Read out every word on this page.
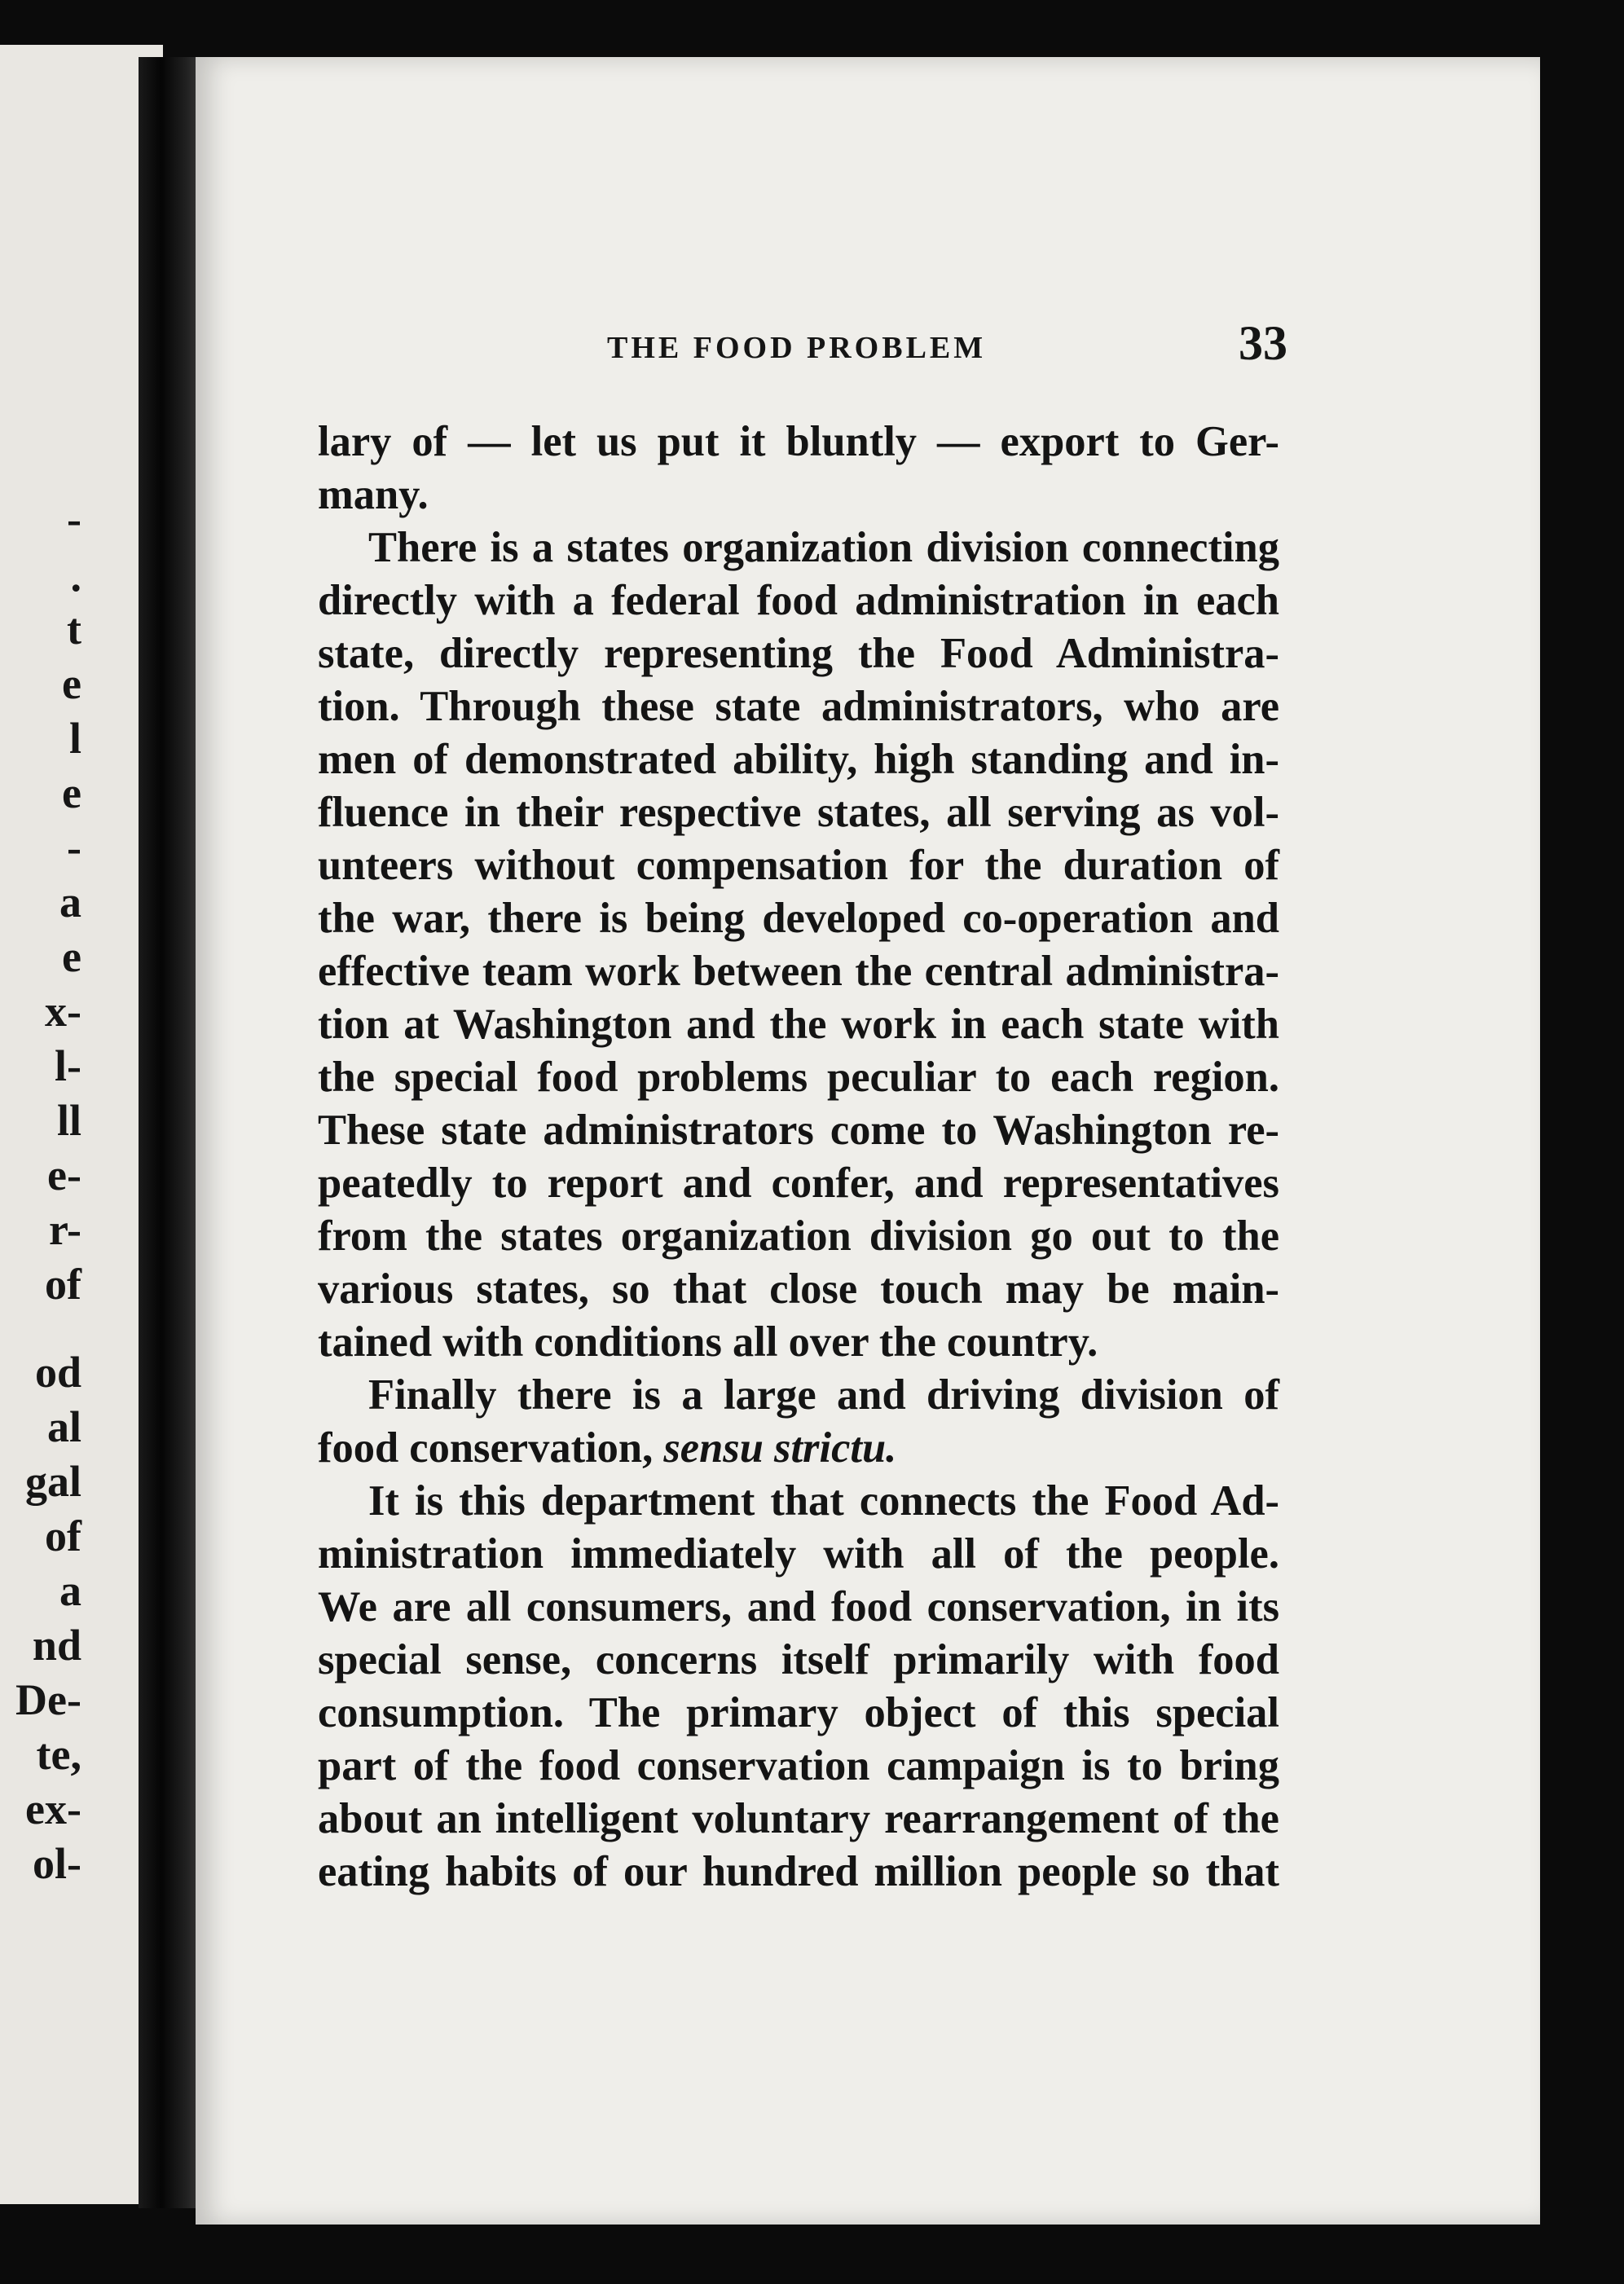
-
.
t
e
l
e
-
a
e
x-
l-
ll
e-
r-
of
od
al
gal
of
a
nd
De-
te,
ex-
ol-
THE FOOD PROBLEM	33
lary of — let us put it bluntly — export to Ger-
many.
There is a states organization division connecting
directly with a federal food administration in each
state, directly representing the Food Administra-
tion. Through these state administrators, who are
men of demonstrated ability, high standing and in-
fluence in their respective states, all serving as vol-
unteers without compensation for the duration of
the war, there is being developed co-operation and
effective team work between the central administra-
tion at Washington and the work in each state with
the special food problems peculiar to each region.
These state administrators come to Washington re-
peatedly to report and confer, and representatives
from the states organization division go out to the
various states, so that close touch may be main-
tained with conditions all over the country.
Finally there is a large and driving division of
food conservation, sensu strictu.
It is this department that connects the Food Ad-
ministration immediately with all of the people.
We are all consumers, and food conservation, in its
special sense, concerns itself primarily with food
consumption. The primary object of this special
part of the food conservation campaign is to bring
about an intelligent voluntary rearrangement of the
eating habits of our hundred million people so that
